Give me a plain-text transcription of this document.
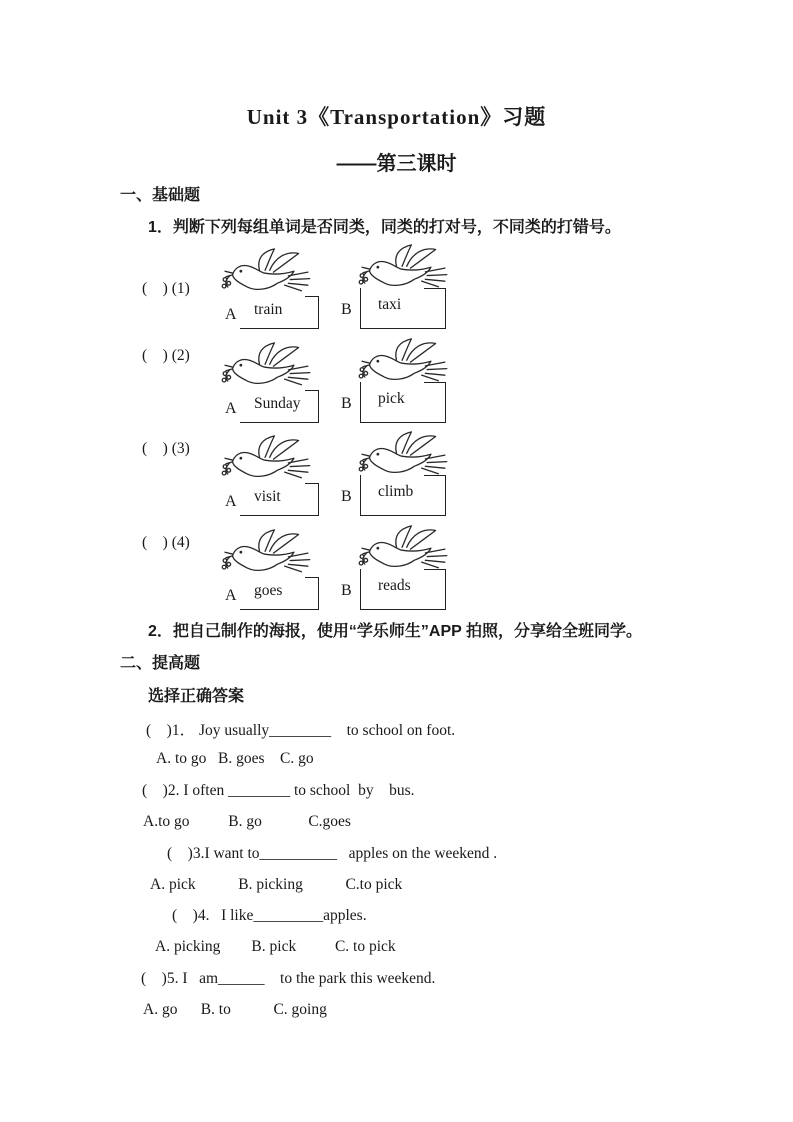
Unit 3《Transportation》习题
——第三课时
一、基础题
1．判断下列每组单词是否同类，同类的打对号，不同类的打错号。
(    ) (1)
A train	B taxi
(    ) (2)
A Sunday	B pick
(    ) (3)
A visit	B climb
(    ) (4)
A goes	B reads
2．把自己制作的海报，使用“学乐师生”APP 拍照，分享给全班同学。
二、提高题
选择正确答案
(    )1． Joy usually________    to school on foot.
A. to go   B. goes    C. go
(    )2. I often ________ to school  by    bus.
A.to go          B. go            C.goes
(    )3.I want to__________   apples on the weekend .
A. pick           B. picking           C.to pick
(    )4.   I like_________apples.
A. picking        B. pick          C. to pick
(    )5. I   am______    to the park this weekend.
A. go      B. to           C. going
